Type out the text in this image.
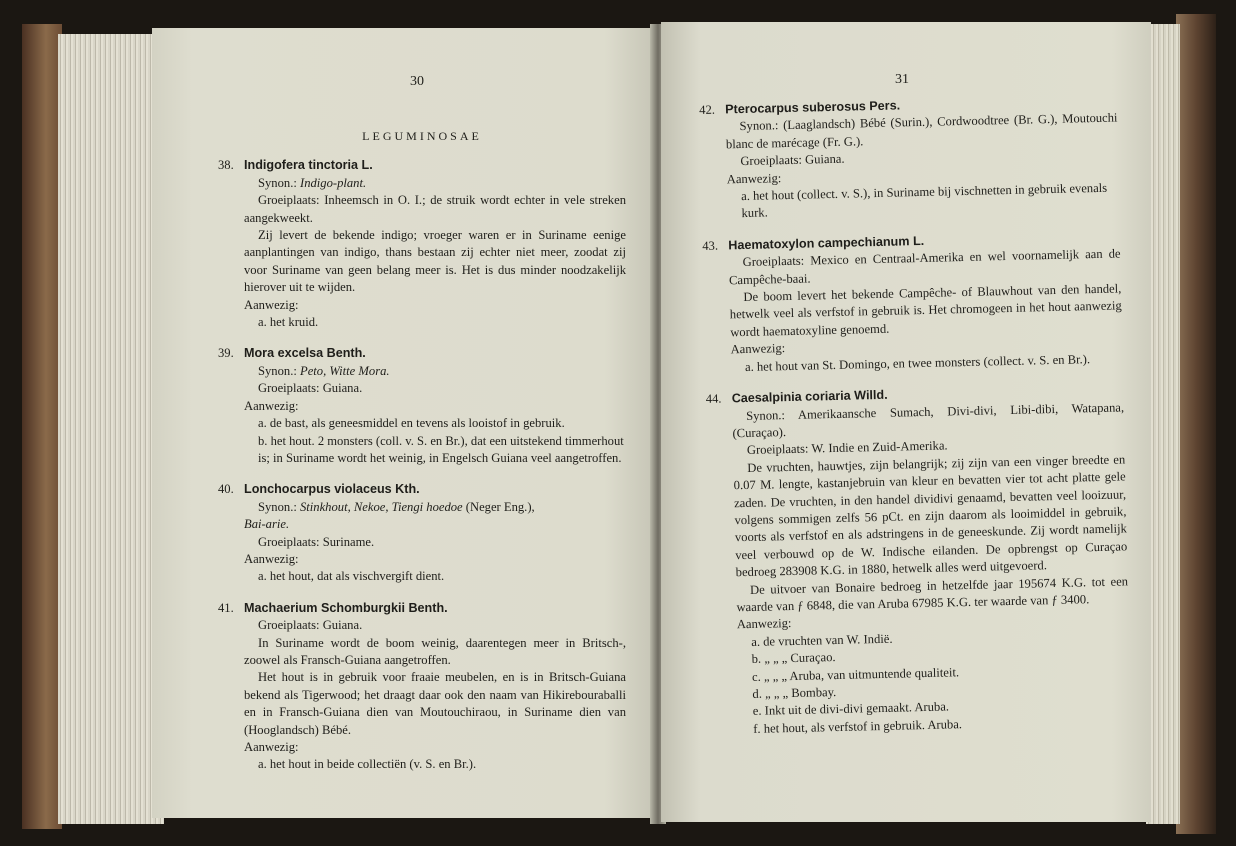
30
LEGUMINOSAE
38. Indigofera tinctoria L.
Synon.: Indigo-plant.
Groeiplaats: Inheemsch in O. I.; de struik wordt echter in vele streken aangekweekt.
Zij levert de bekende indigo; vroeger waren er in Suriname eenige aanplantingen van indigo, thans bestaan zij echter niet meer, zoodat zij voor Suriname van geen belang meer is. Het is dus minder noodzakelijk hierover uit te wijden.
Aanwezig:
a. het kruid.
39. Mora excelsa Benth.
Synon.: Peto, Witte Mora.
Groeiplaats: Guiana.
Aanwezig:
a. de bast, als geneesmiddel en tevens als looistof in gebruik.
b. het hout. 2 monsters (coll. v. S. en Br.), dat een uitstekend timmerhout is; in Suriname wordt het weinig, in Engelsch Guiana veel aangetroffen.
40. Lonchocarpus violaceus Kth.
Synon.: Stinkhout, Nekoe, Tiengi hoedoe (Neger Eng.),
Bai-arie.
Groeiplaats: Suriname.
Aanwezig:
a. het hout, dat als vischvergift dient.
41. Machaerium Schomburgkii Benth.
Groeiplaats: Guiana.
In Suriname wordt de boom weinig, daarentegen meer in Britsch-, zoowel als Fransch-Guiana aangetroffen.
Het hout is in gebruik voor fraaie meubelen, en is in Britsch-Guiana bekend als Tigerwood; het draagt daar ook den naam van Hikirebouraballi en in Fransch-Guiana dien van Moutouchiraou, in Suriname dien van (Hooglandsch) Bébé.
Aanwezig:
a. het hout in beide collectiën (v. S. en Br.).
31
42. Pterocarpus suberosus Pers.
Synon.: (Laaglandsch) Bébé (Surin.), Cordwoodtree (Br. G.), Moutouchi blanc de marécage (Fr. G.).
Groeiplaats: Guiana.
Aanwezig:
a. het hout (collect. v. S.), in Suriname bij vischnetten in gebruik evenals kurk.
43. Haematoxylon campechianum L.
Groeiplaats: Mexico en Centraal-Amerika en wel voornamelijk aan de Campêche-baai.
De boom levert het bekende Campêche- of Blauwhout van den handel, hetwelk veel als verfstof in gebruik is. Het chromogeen in het hout aanwezig wordt haematoxyline genoemd.
Aanwezig:
a. het hout van St. Domingo, en twee monsters (collect. v. S. en Br.).
44. Caesalpinia coriaria Willd.
Synon.: Amerikaansche Sumach, Divi-divi, Libi-dibi, Watapana, (Curaçao).
Groeiplaats: W. Indie en Zuid-Amerika.
De vruchten, hauwtjes, zijn belangrijk; zij zijn van een vinger breedte en 0.07 M. lengte, kastanjebruin van kleur en bevatten vier tot acht platte gele zaden. De vruchten, in den handel dividivi genaamd, bevatten veel looizuur, volgens sommigen zelfs 56 pCt. en zijn daarom als looimiddel in gebruik, voorts als verfstof en als adstringens in de geneeskunde. Zij wordt namelijk veel verbouwd op de W. Indische eilanden. De opbrengst op Curaçao bedroeg 283908 K.G. in 1880, hetwelk alles werd uitgevoerd.
De uitvoer van Bonaire bedroeg in hetzelfde jaar 195674 K.G. tot een waarde van ƒ 6848, die van Aruba 67985 K.G. ter waarde van ƒ 3400.
Aanwezig:
a. de vruchten van W. Indië.
b. „ „ „ Curaçao.
c. „ „ „ Aruba, van uitmuntende qualiteit.
d. „ „ „ Bombay.
e. Inkt uit de divi-divi gemaakt. Aruba.
f. het hout, als verfstof in gebruik. Aruba.
